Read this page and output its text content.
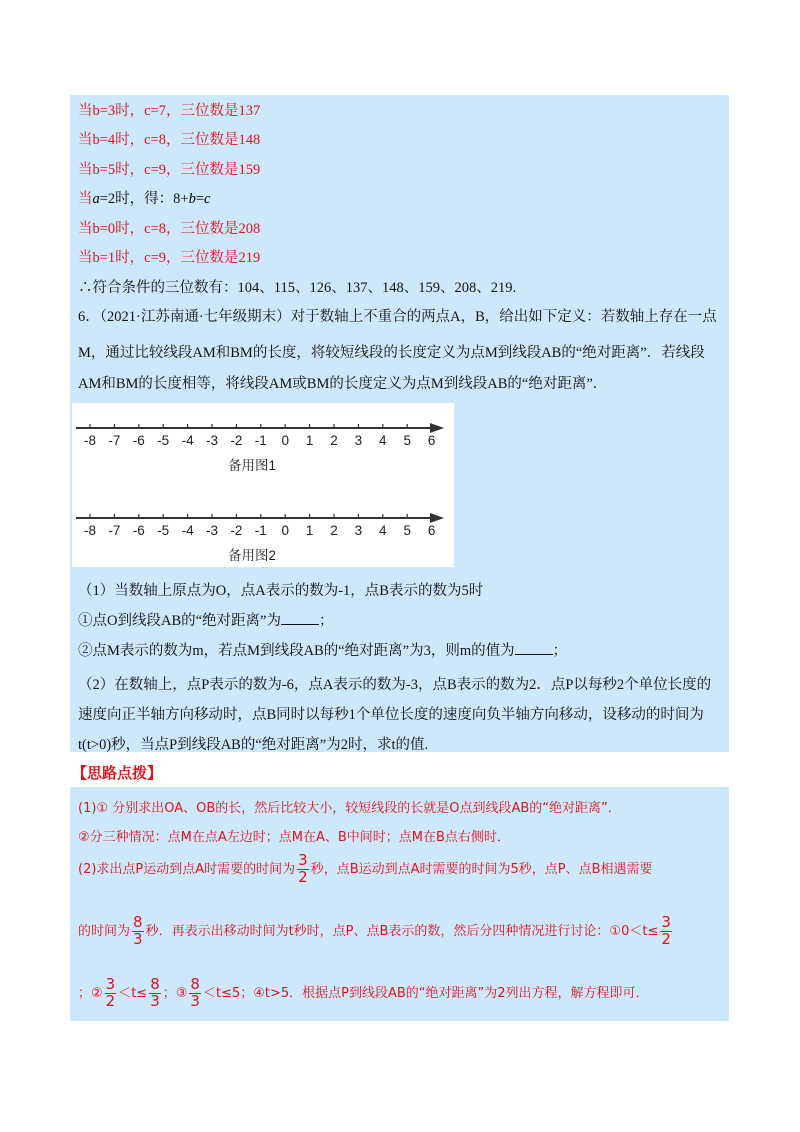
当b=3时，c=7，三位数是137
当b=4时，c=8，三位数是148
当b=5时，c=9，三位数是159
当a=2时，得：8+b=c
当b=0时，c=8，三位数是208
当b=1时，c=9，三位数是219
∴符合条件的三位数有：104、115、126、137、148、159、208、219.
6．（2021·江苏南通·七年级期末）对于数轴上不重合的两点A，B，给出如下定义：若数轴上存在一点
M，通过比较线段AM和BM的长度，将较短线段的长度定义为点M到线段AB的“绝对距离”．若线段
AM和BM的长度相等，将线段AM或BM的长度定义为点M到线段AB的“绝对距离”．
（1）当数轴上原点为O，点A表示的数为-1，点B表示的数为5时
①点O到线段AB的“绝对距离”为	；
②点M表示的数为m，若点M到线段AB的“绝对距离”为3，则m的值为	；
（2）在数轴上，点P表示的数为-6，点A表示的数为-3，点B表示的数为2．点P以每秒2个单位长度的
速度向正半轴方向移动时，点B同时以每秒1个单位长度的速度向负半轴方向移动，设移动的时间为
t(t>0)秒，当点P到线段AB的“绝对距离”为2时，求t的值.
-8 -7 -6 -5 -4 -3 -2 -1 0 1 2 3 4 5 6
备用图1
-8 -7 -6 -5 -4 -3 -2 -1 0 1 2 3 4 5 6
备用图2
【思路点拨】
(1)① 分别求出OA、OB的长，然后比较大小，较短线段的长就是O点到线段AB的“绝对距离”．
②分三种情况：点M在点A左边时；点M在A、B中间时；点M在B点右侧时．
(2)求出点P运动到点A时需要的时间为 $\frac{3}{2}$ 秒，点B运动到点A时需要的时间为5秒，点P、点B相遇需要
的时间为 $\frac{8}{3}$ 秒．再表示出移动时间为t秒时，点P、点B表示的数，然后分四种情况进行讨论：①0＜t≤ $\frac{3}{2}$
；② $\frac{3}{2} <t\le \frac{8}{3}$ ；③ $\frac{8}{3} <t\le 5$；④t>5．根据点P到线段AB的“绝对距离”为2列出方程，解方程即可．
